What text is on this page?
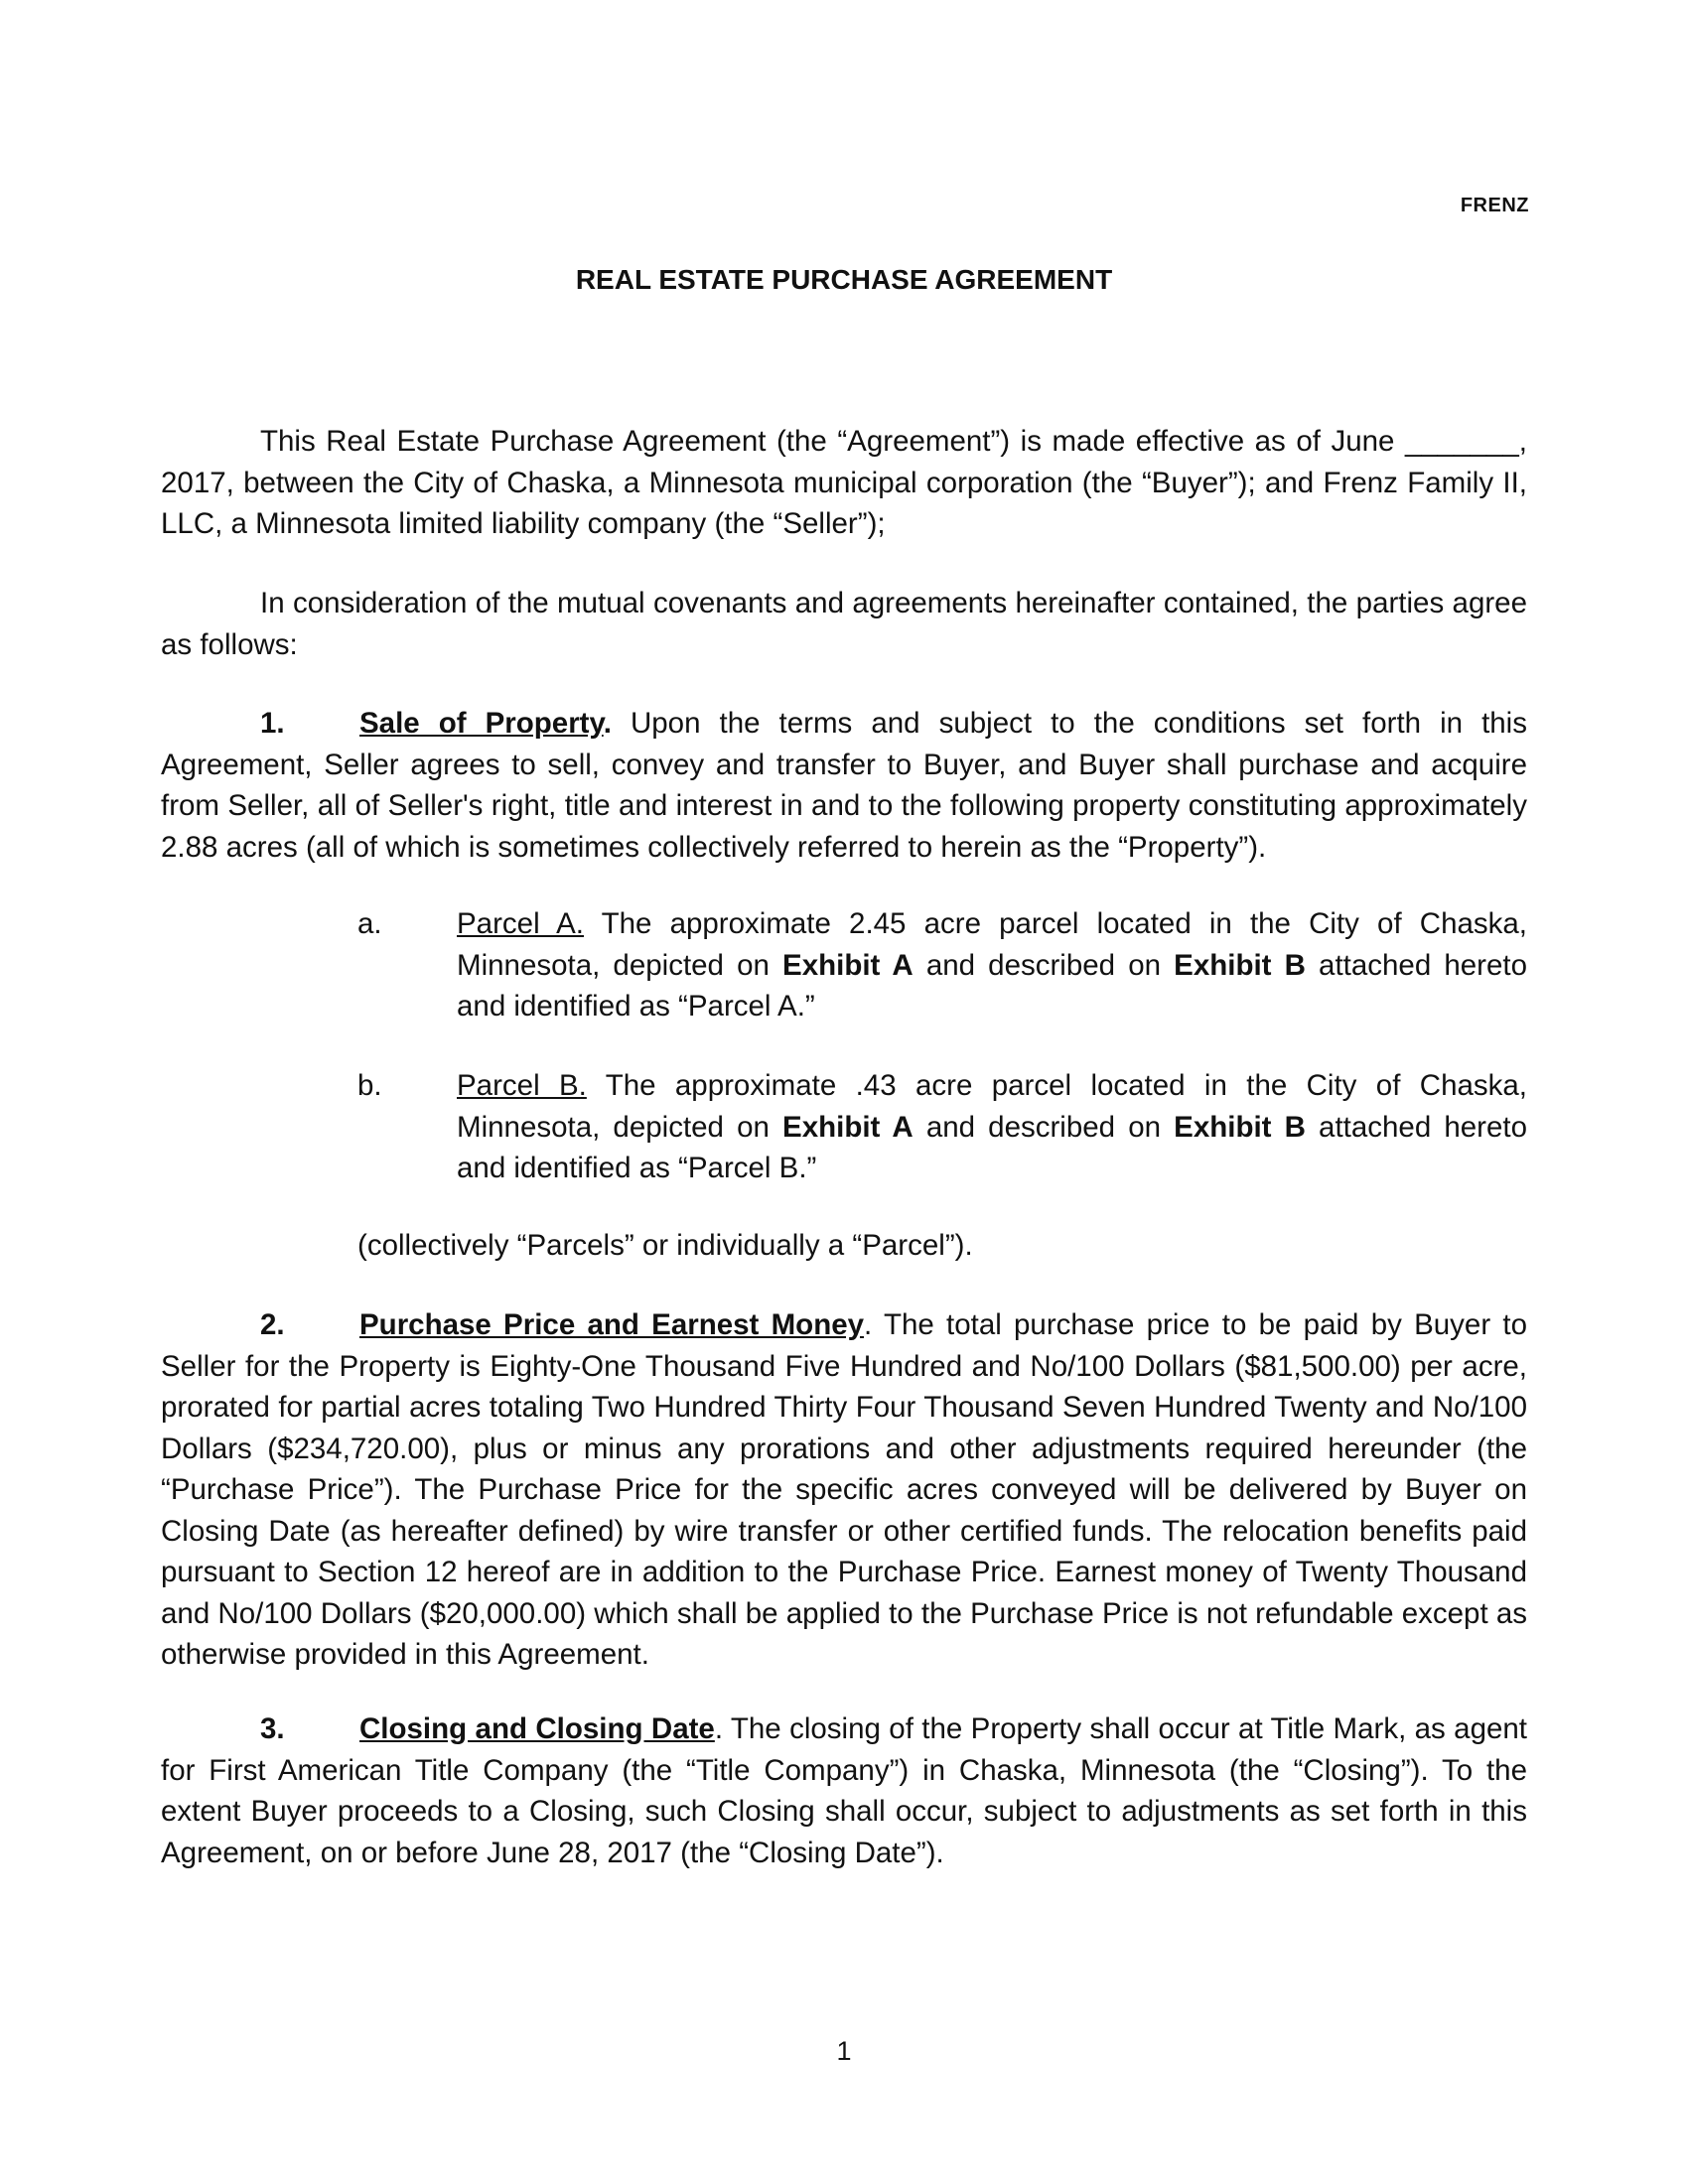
FRENZ
REAL ESTATE PURCHASE AGREEMENT

This Real Estate Purchase Agreement (the “Agreement”) is made effective as of June _______, 2017, between the City of Chaska, a Minnesota municipal corporation (the “Buyer”); and Frenz Family II, LLC, a Minnesota limited liability company (the “Seller”);

In consideration of the mutual covenants and agreements hereinafter contained, the parties agree as follows:

1.	Sale of Property. Upon the terms and subject to the conditions set forth in this Agreement, Seller agrees to sell, convey and transfer to Buyer, and Buyer shall purchase and acquire from Seller, all of Seller's right, title and interest in and to the following property constituting approximately 2.88 acres (all of which is sometimes collectively referred to herein as the “Property”).

a.	Parcel A. The approximate 2.45 acre parcel located in the City of Chaska, Minnesota, depicted on Exhibit A and described on Exhibit B attached hereto and identified as “Parcel A.”

b.	Parcel B. The approximate .43 acre parcel located in the City of Chaska, Minnesota, depicted on Exhibit A and described on Exhibit B attached hereto and identified as “Parcel B.”

(collectively “Parcels” or individually a “Parcel”).

2.	Purchase Price and Earnest Money. The total purchase price to be paid by Buyer to Seller for the Property is Eighty-One Thousand Five Hundred and No/100 Dollars ($81,500.00) per acre, prorated for partial acres totaling Two Hundred Thirty Four Thousand Seven Hundred Twenty and No/100 Dollars ($234,720.00), plus or minus any prorations and other adjustments required hereunder (the “Purchase Price”). The Purchase Price for the specific acres conveyed will be delivered by Buyer on Closing Date (as hereafter defined) by wire transfer or other certified funds. The relocation benefits paid pursuant to Section 12 hereof are in addition to the Purchase Price. Earnest money of Twenty Thousand and No/100 Dollars ($20,000.00) which shall be applied to the Purchase Price is not refundable except as otherwise provided in this Agreement.

3.	Closing and Closing Date. The closing of the Property shall occur at Title Mark, as agent for First American Title Company (the “Title Company”) in Chaska, Minnesota (the “Closing”). To the extent Buyer proceeds to a Closing, such Closing shall occur, subject to adjustments as set forth in this Agreement, on or before June 28, 2017 (the “Closing Date”).

1
